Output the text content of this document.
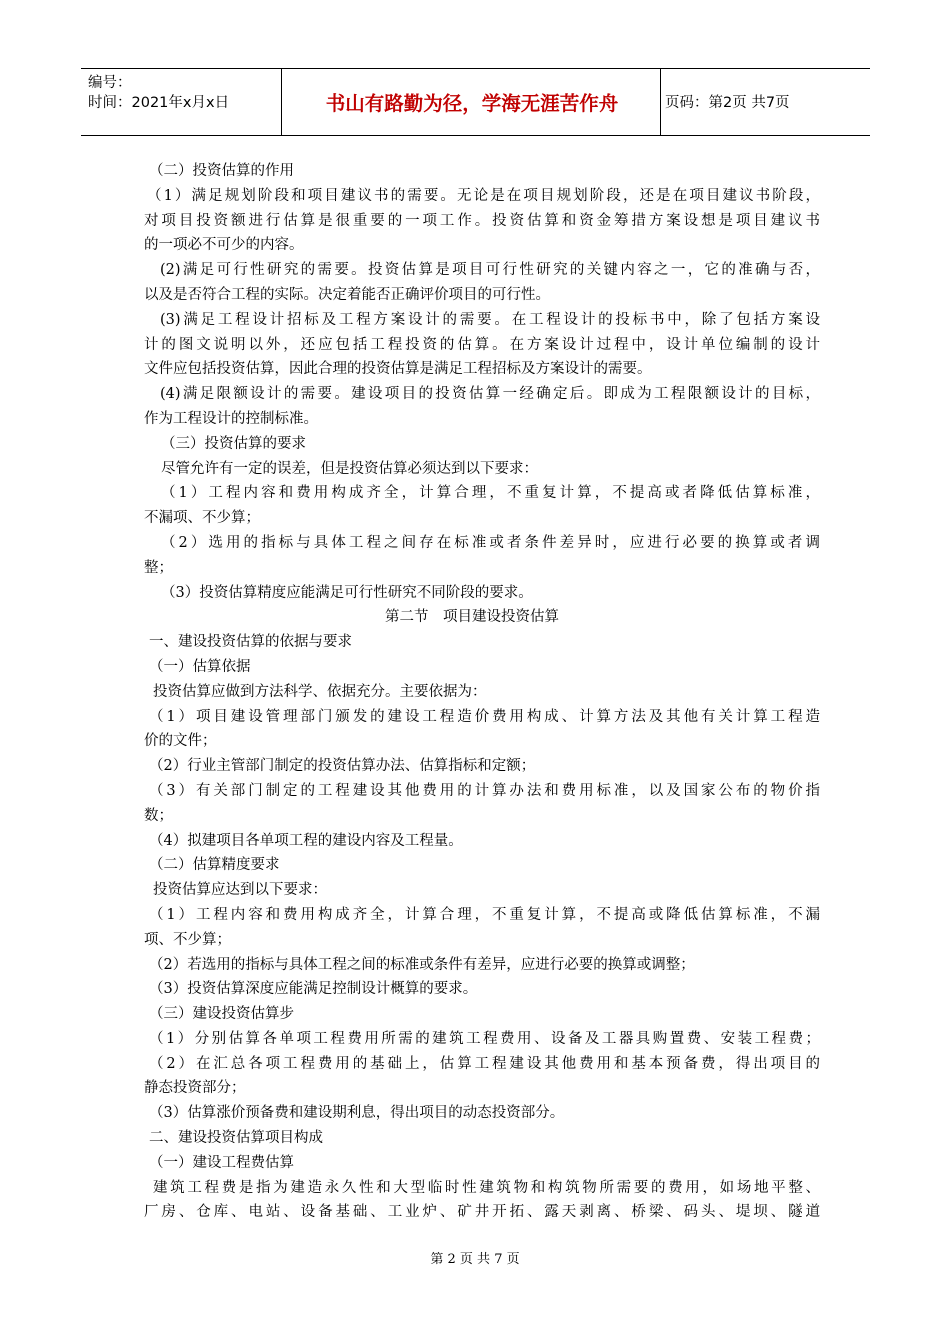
编号：
时间：2021年x月x日	书山有路勤为径，学海无涯苦作舟	页码：第2页 共7页
（二）投资估算的作用
（1）满足规划阶段和项目建议书的需要。无论是在项目规划阶段，还是在项目建议书阶段，
对项目投资额进行估算是很重要的一项工作。投资估算和资金筹措方案设想是项目建议书
的一项必不可少的内容。
(2)满足可行性研究的需要。投资估算是项目可行性研究的关键内容之一，它的准确与否，
以及是否符合工程的实际。决定着能否正确评价项目的可行性。
(3)满足工程设计招标及工程方案设计的需要。在工程设计的投标书中，除了包括方案设
计的图文说明以外，还应包括工程投资的估算。在方案设计过程中，设计单位编制的设计
文件应包括投资估算，因此合理的投资估算是满足工程招标及方案设计的需要。
(4)满足限额设计的需要。建设项目的投资估算一经确定后。即成为工程限额设计的目标，
作为工程设计的控制标准。
（三）投资估算的要求
尽管允许有一定的误差，但是投资估算必须达到以下要求：
（1）工程内容和费用构成齐全，计算合理，不重复计算，不提高或者降低估算标准，
不漏项、不少算；
（2）选用的指标与具体工程之间存在标准或者条件差异时，应进行必要的换算或者调
整；
（3）投资估算精度应能满足可行性研究不同阶段的要求。
第二节　项目建设投资估算
一、建设投资估算的依据与要求
（一）估算依据
投资估算应做到方法科学、依据充分。主要依据为：
（1）项目建设管理部门颁发的建设工程造价费用构成、计算方法及其他有关计算工程造
价的文件；
（2）行业主管部门制定的投资估算办法、估算指标和定额；
（3）有关部门制定的工程建设其他费用的计算办法和费用标准，以及国家公布的物价指
数；
（4）拟建项目各单项工程的建设内容及工程量。
（二）估算精度要求
投资估算应达到以下要求：
（1）工程内容和费用构成齐全，计算合理，不重复计算，不提高或降低估算标准，不漏
项、不少算；
（2）若选用的指标与具体工程之间的标准或条件有差异，应进行必要的换算或调整；
（3）投资估算深度应能满足控制设计概算的要求。
（三）建设投资估算步
（1）分别估算各单项工程费用所需的建筑工程费用、设备及工器具购置费、安装工程费；
（2）在汇总各项工程费用的基础上，估算工程建设其他费用和基本预备费，得出项目的
静态投资部分；
（3）估算涨价预备费和建设期利息，得出项目的动态投资部分。
二、建设投资估算项目构成
（一）建设工程费估算
建筑工程费是指为建造永久性和大型临时性建筑物和构筑物所需要的费用，如场地平整、
厂房、仓库、电站、设备基础、工业炉、矿井开拓、露天剥离、桥梁、码头、堤坝、隧道
第 2 页 共 7 页
